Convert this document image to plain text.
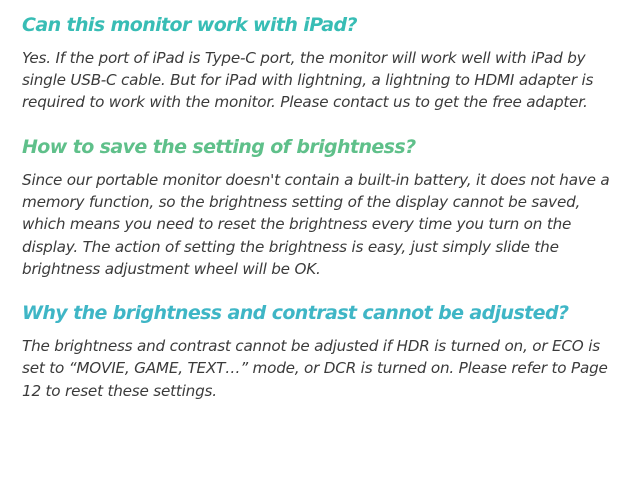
Can this monitor work with iPad?

Yes. If the port of iPad is Type-C port, the monitor will work well with iPad by single USB-C cable. But for iPad with lightning, a lightning to HDMI adapter is required to work with the monitor. Please contact us to get the free adapter.

How to save the setting of brightness?

Since our portable monitor doesn't contain a built-in battery, it does not have a memory function, so the brightness setting of the display cannot be saved, which means you need to reset the brightness every time you turn on the display. The action of setting the brightness is easy, just simply slide the brightness adjustment wheel will be OK.

Why the brightness and contrast cannot be adjusted?

The brightness and contrast cannot be adjusted if HDR is turned on, or ECO is set to “MOVIE, GAME, TEXT…” mode, or DCR is turned on. Please refer to Page 12 to reset these settings.
